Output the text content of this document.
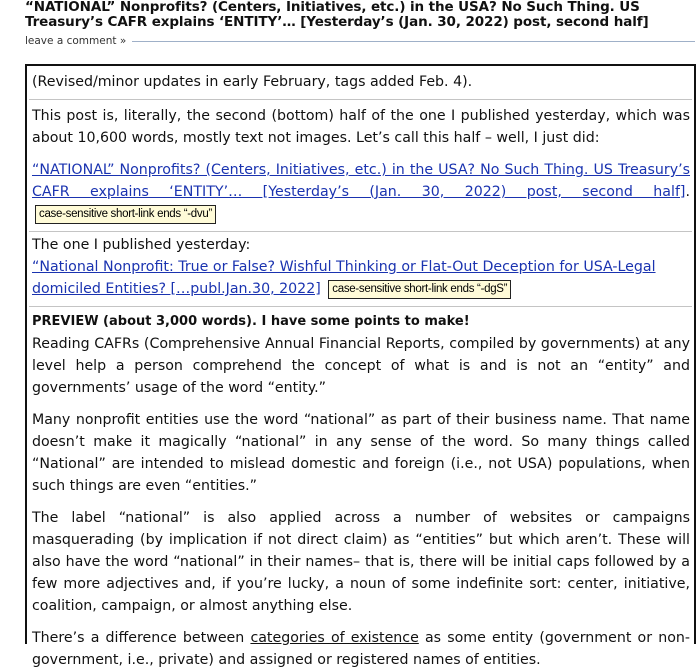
“NATIONAL” Nonprofits? (Centers, Initiatives, etc.) in the USA? No Such Thing. US Treasury’s CAFR explains ‘ENTITY’… [Yesterday’s (Jan. 30, 2022) post, second half]
leave a comment »

(Revised/minor updates in early February, tags added Feb. 4).

This post is, literally, the second (bottom) half of the one I published yesterday, which was about 10,600 words, mostly text not images. Let’s call this half – well, I just did:

“NATIONAL” Nonprofits? (Centers, Initiatives, etc.) in the USA? No Such Thing. US Treasury’s CAFR explains ‘ENTITY’… [Yesterday’s (Jan. 30, 2022) post, second half]. case-sensitive short-link ends “-dvu”

The one I published yesterday:

“National Nonprofit: True or False? Wishful Thinking or Flat-Out Deception for USA-Legal domiciled Entities? […publ.Jan.30, 2022] case-sensitive short-link ends “-dgS”

PREVIEW (about 3,000 words). I have some points to make!

Reading CAFRs (Comprehensive Annual Financial Reports, compiled by governments) at any level help a person comprehend the concept of what is and is not an “entity” and governments’ usage of the word “entity.”

Many nonprofit entities use the word “national” as part of their business name. That name doesn’t make it magically “national” in any sense of the word. So many things called “National” are intended to mislead domestic and foreign (i.e., not USA) populations, when such things are even “entities.”

The label “national” is also applied across a number of websites or campaigns masquerading (by implication if not direct claim) as “entities” but which aren’t. These will also have the word “national” in their names– that is, there will be initial caps followed by a few more adjectives and, if you’re lucky, a noun of some indefinite sort: center, initiative, coalition, campaign, or almost anything else.

There’s a difference between categories of existence as some entity (government or non-government, i.e., private) and assigned or registered names of entities.
